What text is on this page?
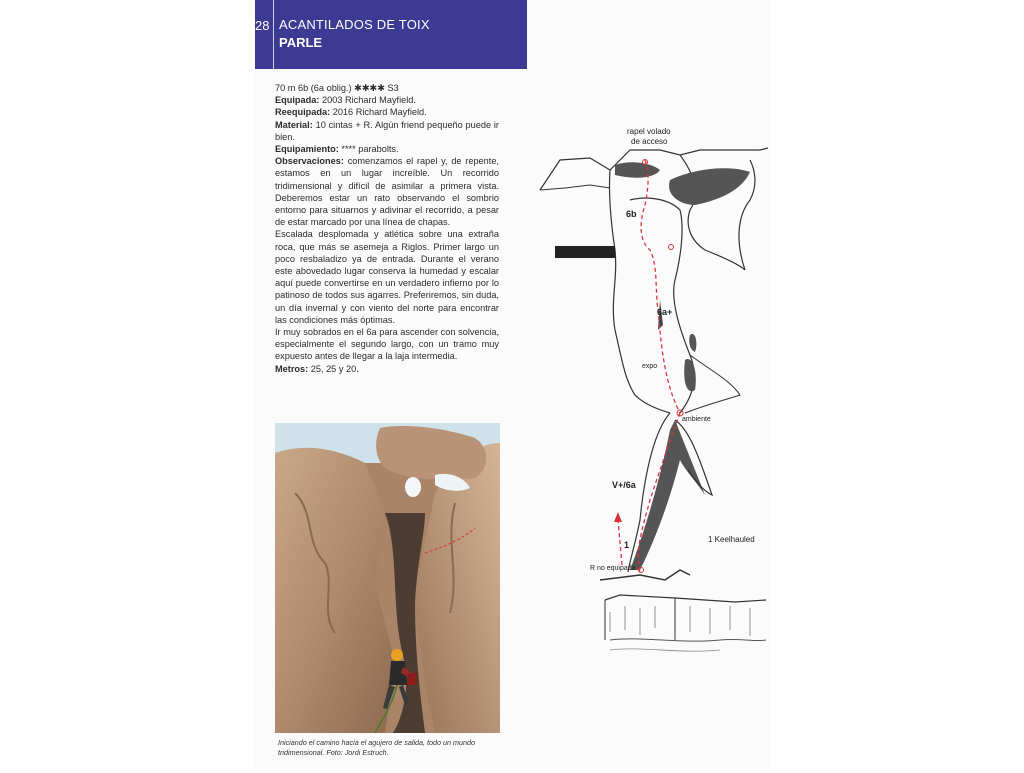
28 ACANTILADOS DE TOIX
PARLE

70 m 6b (6a oblig.) ✱✱✱✱ S3

Equipada: 2003 Richard Mayfield.

Reequipada: 2016 Richard Mayfield.

Material: 10 cintas + R. Algún friend pequeño puede ir bien.

Equipamiento: **** parabolts.

Observaciones: comenzamos el rapel y, de repente, estamos en un lugar increíble. Un recorrido tridimensional y difícil de asimilar a primera vista. Deberemos estar un rato observando el sombrio entorno para situarnos y adivinar el recorrido, a pesar de estar marcado por una línea de chapas.

Escalada desplomada y atlética sobre una extraña roca, que más se asemeja a Riglos. Primer largo un poco resbaladizo ya de entrada. Durante el verano este abovedado lugar conserva la humedad y escalar aquí puede convertirse en un verdadero infierno por lo patinoso de todos sus agarres. Preferiremos, sin duda, un día invernal y con viento del norte para encontrar las condiciones más óptimas.

Ir muy sobrados en el 6a para ascender con solvencia, especialmente el segundo largo, con un tramo muy expuesto antes de llegar a la laja intermedia.

Metros: 25, 25 y 20.

Iniciando el camino hacia el agujero de salida, todo un mundo tridimensional. Foto: Jordi Estruch.
rapel volado
de acceso
6b
6a+
expo
ambiente
V+/6a
1
1 Keelhauled
R no equipada
